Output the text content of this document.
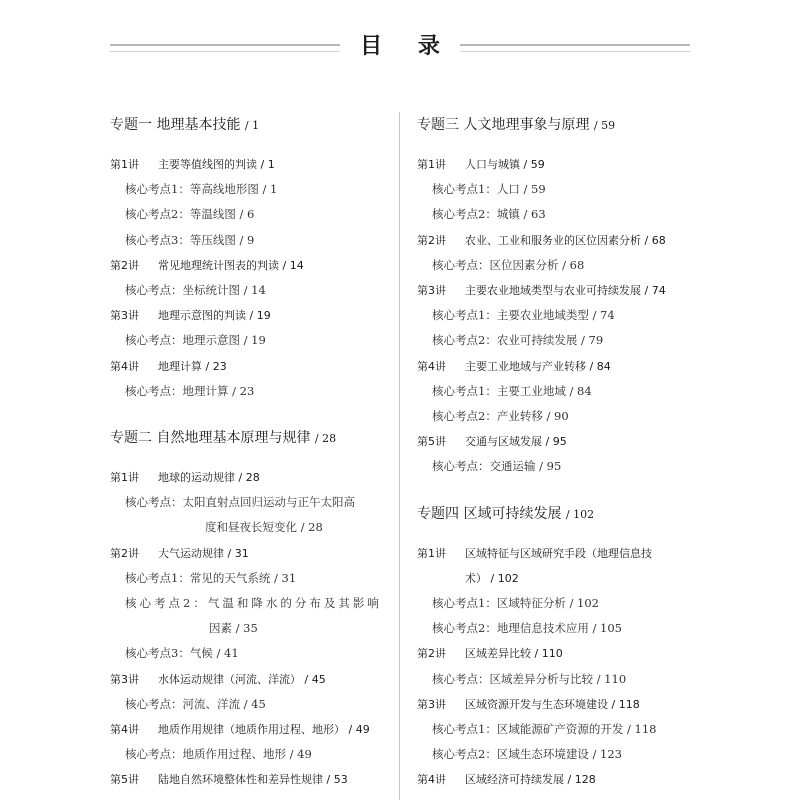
目 录
专题一 地理基本技能 / 1
第1讲 主要等值线图的判读 / 1
核心考点1：等高线地形图 / 1
核心考点2：等温线图 / 6
核心考点3：等压线图 / 9
第2讲 常见地理统计图表的判读 / 14
核心考点：坐标统计图 / 14
第3讲 地理示意图的判读 / 19
核心考点：地理示意图 / 19
第4讲 地理计算 / 23
核心考点：地理计算 / 23
专题二 自然地理基本原理与规律 / 28
第1讲 地球的运动规律 / 28
核心考点：太阳直射点回归运动与正午太阳高
度和昼夜长短变化 / 28
第2讲 大气运动规律 / 31
核心考点1：常见的天气系统 / 31
核心考点2：气温和降水的分布及其影响
因素 / 35
核心考点3：气候 / 41
第3讲 水体运动规律（河流、洋流） / 45
核心考点：河流、洋流 / 45
第4讲 地质作用规律（地质作用过程、地形） / 49
核心考点：地质作用过程、地形 / 49
第5讲 陆地自然环境整体性和差异性规律 / 53
专题三 人文地理事象与原理 / 59
第1讲 人口与城镇 / 59
核心考点1：人口 / 59
核心考点2：城镇 / 63
第2讲 农业、工业和服务业的区位因素分析 / 68
核心考点：区位因素分析 / 68
第3讲 主要农业地域类型与农业可持续发展 / 74
核心考点1：主要农业地域类型 / 74
核心考点2：农业可持续发展 / 79
第4讲 主要工业地域与产业转移 / 84
核心考点1：主要工业地域 / 84
核心考点2：产业转移 / 90
第5讲 交通与区域发展 / 95
核心考点：交通运输 / 95
专题四 区域可持续发展 / 102
第1讲 区域特征与区域研究手段（地理信息技
术） / 102
核心考点1：区域特征分析 / 102
核心考点2：地理信息技术应用 / 105
第2讲 区域差异比较 / 110
核心考点：区域差异分析与比较 / 110
第3讲 区域资源开发与生态环境建设 / 118
核心考点1：区域能源矿产资源的开发 / 118
核心考点2：区域生态环境建设 / 123
第4讲 区域经济可持续发展 / 128
